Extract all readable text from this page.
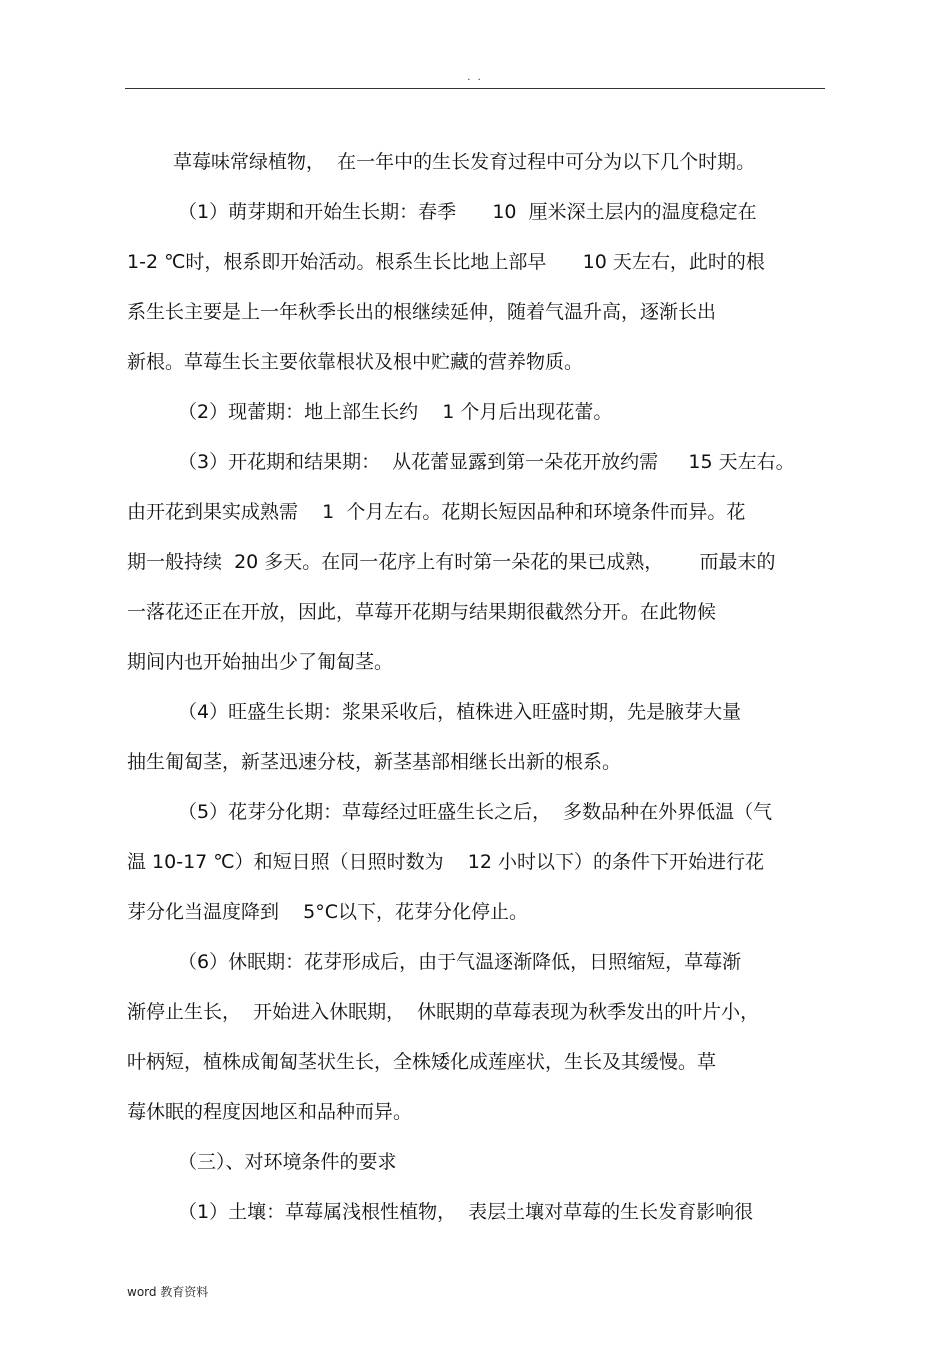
. .
草莓味常绿植物，  在一年中的生长发育过程中可分为以下几个时期。
（1）萌芽期和开始生长期：春季      10  厘米深土层内的温度稳定在
1-2 ℃时，根系即开始活动。根系生长比地上部早      10 天左右，此时的根
系生长主要是上一年秋季长出的根继续延伸，随着气温升高，逐渐长出
新根。草莓生长主要依靠根状及根中贮藏的营养物质。
（2）现蕾期：地上部生长约    1 个月后出现花蕾。
（3）开花期和结果期：  从花蕾显露到第一朵花开放约需     15 天左右。
由开花到果实成熟需    1  个月左右。花期长短因品种和环境条件而异。花
期一般持续  20 多天。在同一花序上有时第一朵花的果已成熟，      而最末的
一落花还正在开放，因此，草莓开花期与结果期很截然分开。在此物候
期间内也开始抽出少了匍匐茎。
（4）旺盛生长期：浆果采收后，植株进入旺盛时期，先是腋芽大量
抽生匍匐茎，新茎迅速分枝，新茎基部相继长出新的根系。
（5）花芽分化期：草莓经过旺盛生长之后，  多数品种在外界低温（气
温 10-17 ℃）和短日照（日照时数为    12 小时以下）的条件下开始进行花
芽分化当温度降到    5°C以下，花芽分化停止。
（6）休眠期：花芽形成后，由于气温逐渐降低，日照缩短，草莓渐
渐停止生长，  开始进入休眠期，  休眠期的草莓表现为秋季发出的叶片小，
叶柄短，植株成匍匐茎状生长，全株矮化成莲座状，生长及其缓慢。草
莓休眠的程度因地区和品种而异。
（三）、对环境条件的要求
（1）土壤：草莓属浅根性植物，  表层土壤对草莓的生长发育影响很
word 教育资料
